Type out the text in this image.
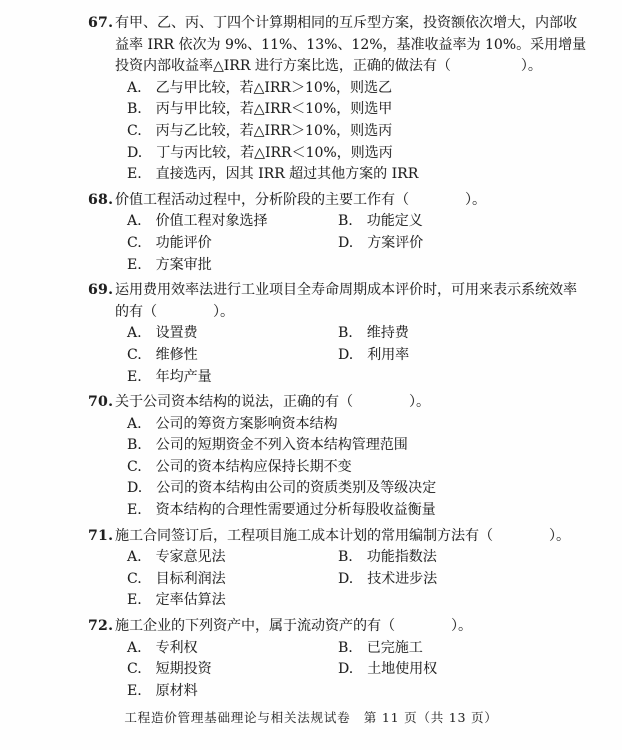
67. 有甲、乙、丙、丁四个计算期相同的互斥型方案，投资额依次增大，内部收益率 IRR 依次为 9%、11%、13%、12%，基准收益率为 10%。采用增量投资内部收益率△IRR 进行方案比选，正确的做法有（　　　　　）。
A. 乙与甲比较，若△IRR＞10%，则选乙
B. 丙与甲比较，若△IRR＜10%，则选甲
C. 丙与乙比较，若△IRR＞10%，则选丙
D. 丁与丙比较，若△IRR＜10%，则选丙
E. 直接选丙，因其 IRR 超过其他方案的 IRR
68. 价值工程活动过程中，分析阶段的主要工作有（　　　　）。
A. 价值工程对象选择	B. 功能定义
C. 功能评价	D. 方案评价
E. 方案审批
69. 运用费用效率法进行工业项目全寿命周期成本评价时，可用来表示系统效率的有（　　　　）。
A. 设置费	B. 维持费
C. 维修性	D. 利用率
E. 年均产量
70. 关于公司资本结构的说法，正确的有（　　　　）。
A. 公司的筹资方案影响资本结构
B. 公司的短期资金不列入资本结构管理范围
C. 公司的资本结构应保持长期不变
D. 公司的资本结构由公司的资质类别及等级决定
E. 资本结构的合理性需要通过分析每股收益衡量
71. 施工合同签订后，工程项目施工成本计划的常用编制方法有（　　　　）。
A. 专家意见法	B. 功能指数法
C. 目标利润法	D. 技术进步法
E. 定率估算法
72. 施工企业的下列资产中，属于流动资产的有（　　　　）。
A. 专利权	B. 已完施工
C. 短期投资	D. 土地使用权
E. 原材料
工程造价管理基础理论与相关法规试卷　第 11 页（共 13 页）
